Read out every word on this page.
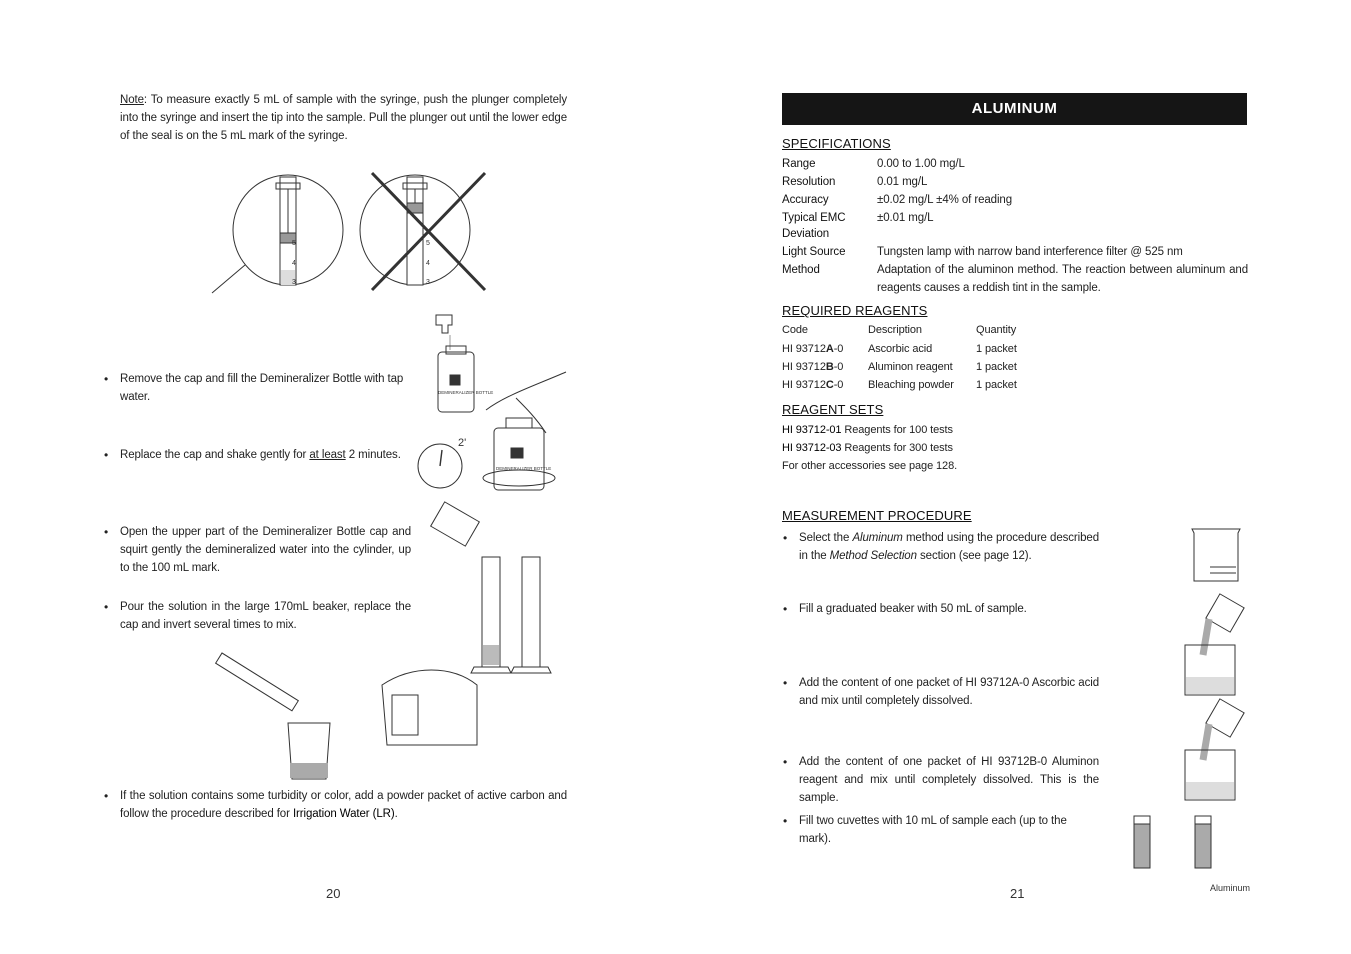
Note: To measure exactly 5 mL of sample with the syringe, push the plunger completely into the syringe and insert the tip into the sample. Pull the plunger out until the lower edge of the seal is on the 5 mL mark of the syringe.
5
4
3
5
4
3
DEMINERALIZER BOTTLE
DEMINERALIZER BOTTLE
2'
• Remove the cap and fill the Demineralizer Bottle with tap water.
• Replace the cap and shake gently for at least 2 minutes.
• Open the upper part of the Demineralizer Bottle cap and squirt gently the demineralized water into the cylinder, up to the 100 mL mark.
• Pour the solution in the large 170mL beaker, replace the cap and invert several times to mix.
• If the solution contains some turbidity or color, add a powder packet of active carbon and follow the procedure described for Irrigation Water (LR).
20
ALUMINUM
SPECIFICATIONS
Range	0.00 to 1.00 mg/L
Resolution	0.01 mg/L
Accuracy	±0.02 mg/L ±4% of reading
Typical EMC	±0.01 mg/L
Deviation
Light Source	Tungsten lamp with narrow band interference filter @ 525 nm
Method	Adaptation of the aluminon method. The reaction between aluminum and reagents causes a reddish tint in the sample.
REQUIRED REAGENTS
Code	Description	Quantity
HI 93712A-0 Ascorbic acid	1 packet
HI 93712B-0 Aluminon reagent 1 packet
HI 93712C-0 Bleaching powder 1 packet
REAGENT SETS
HI 93712-01 Reagents for 100 tests
HI 93712-03 Reagents for 300 tests
For other accessories see page 128.
MEASUREMENT PROCEDURE
• Select the Aluminum method using the procedure described in the Method Selection section (see page 12).
• Fill a graduated beaker with 50 mL of sample.
• Add the content of one packet of HI 93712A-0 Ascorbic acid and mix until completely dissolved.
• Add the content of one packet of HI 93712B-0 Aluminon reagent and mix until completely dissolved. This is the sample.
• Fill two cuvettes with 10 mL of sample each (up to the mark).
21	Aluminum
